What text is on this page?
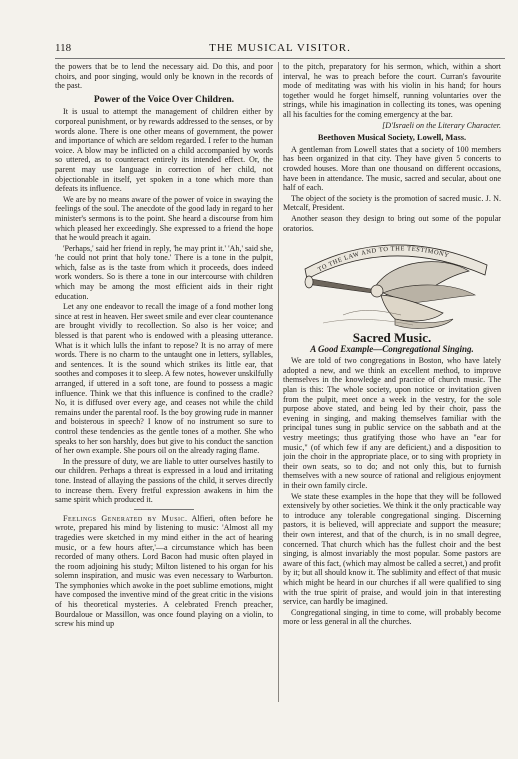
118	THE MUSICAL VISITOR.

the powers that be to lend the necessary aid. Do this, and poor choirs, and poor singing, would only be known in the records of the past.

Power of the Voice Over Children.

It is usual to attempt the management of children either by corporeal punishment, or by rewards addressed to the senses, or by words alone. There is one other means of government, the power and importance of which are seldom regarded. I refer to the human voice. A blow may be inflicted on a child accompanied by words so uttered, as to counteract entirely its intended effect. Or, the parent may use language in correction of her child, not objectionable in itself, yet spoken in a tone which more than defeats its influence.

We are by no means aware of the power of voice in swaying the feelings of the soul. The anecdote of the good lady in regard to her minister's sermons is to the point. She heard a discourse from him which pleased her exceedingly. She expressed to a friend the hope that he would preach it again.

'Perhaps,' said her friend in reply, 'he may print it.' 'Ah,' said she, 'he could not print that holy tone.' There is a tone in the pulpit, which, false as is the taste from which it proceeds, does indeed work wonders. So is there a tone in our intercourse with children which may be among the most efficient aids in their right education.

Let any one endeavor to recall the image of a fond mother long since at rest in heaven. Her sweet smile and ever clear countenance are brought vividly to recollection. So also is her voice; and blessed is that parent who is endowed with a pleasing utterance. What is it which lulls the infant to repose? It is no array of mere words. There is no charm to the untaught one in letters, syllables, and sentences. It is the sound which strikes its little ear, that soothes and composes it to sleep. A few notes, however unskilfully arranged, if uttered in a soft tone, are found to possess a magic influence. Think we that this influence is confined to the cradle? No, it is diffused over every age, and ceases not while the child remains under the parental roof. Is the boy growing rude in manner and boisterous in speech? I know of no instrument so sure to control these tendencies as the gentle tones of a mother. She who speaks to her son harshly, does but give to his conduct the sanction of her own example. She pours oil on the already raging flame.

In the pressure of duty, we are liable to utter ourselves hastily to our children. Perhaps a threat is expressed in a loud and irritating tone. Instead of allaying the passions of the child, it serves directly to increase them. Every fretful expression awakens in him the same spirit which produced it.

Feelings Generated by Music. Alfieri, often before he wrote, prepared his mind by listening to music: 'Almost all my tragedies were sketched in my mind either in the act of hearing music, or a few hours after,'—a circumstance which has been recorded of many others. Lord Bacon had music often played in the room adjoining his study; Milton listened to his organ for his solemn inspiration, and music was even necessary to Warburton. The symphonies which awoke in the poet sublime emotions, might have composed the inventive mind of the great critic in the visions of his theoretical mysteries. A celebrated French preacher, Bourdaloue or Massillon, was once found playing on a violin, to screw his mind up

to the pitch, preparatory for his sermon, which, within a short interval, he was to preach before the court. Curran's favourite mode of meditating was with his violin in his hand; for hours together would he forget himself, running voluntaries over the strings, while his imagination in collecting its tones, was opening all his faculties for the coming emergency at the bar.

[D'Israeli on the Literary Character.

Beethoven Musical Society, Lowell, Mass.

A gentleman from Lowell states that a society of 100 members has been organized in that city. They have given 5 concerts to crowded houses. More than one thousand on different occasions, have been in attendance. The music, sacred and secular, about one half of each.

The object of the society is the promotion of sacred music. J. N. Metcalf, President.

Another season they design to bring out some of the popular oratorios.

TO THE LAW AND TO THE TESTIMONY
Sacred Music.
A Good Example—Congregational Singing.

We are told of two congregations in Boston, who have lately adopted a new, and we think an excellent method, to improve themselves in the knowledge and practice of church music. The plan is this: The whole society, upon notice or invitation given from the pulpit, meet once a week in the vestry, for the sole purpose above stated, and being led by their choir, pass the evening in singing, and making themselves familiar with the principal tunes sung in public service on the sabbath and at the vestry meetings; thus gratifying those who have an "ear for music," (of which few if any are deficient,) and a disposition to join the choir in the appropriate place, or to sing with propriety in their own seats, so to do; and not only this, but to furnish themselves with a new source of rational and religious enjoyment in their own family circle.

We state these examples in the hope that they will be followed extensively by other societies. We think it the only practicable way to introduce any tolerable congregational singing. Discerning pastors, it is believed, will appreciate and support the measure; their own interest, and that of the church, is in no small degree, concerned. That church which has the fullest choir and the best singing, is almost invariably the most popular. Some pastors are aware of this fact, (which may almost be called a secret,) and profit by it; but all should know it. The sublimity and effect of that music which might be heard in our churches if all were qualified to sing with the true spirit of praise, and would join in that interesting service, can hardly be imagined.

Congregational singing, in time to come, will probably become more or less general in all the churches.
